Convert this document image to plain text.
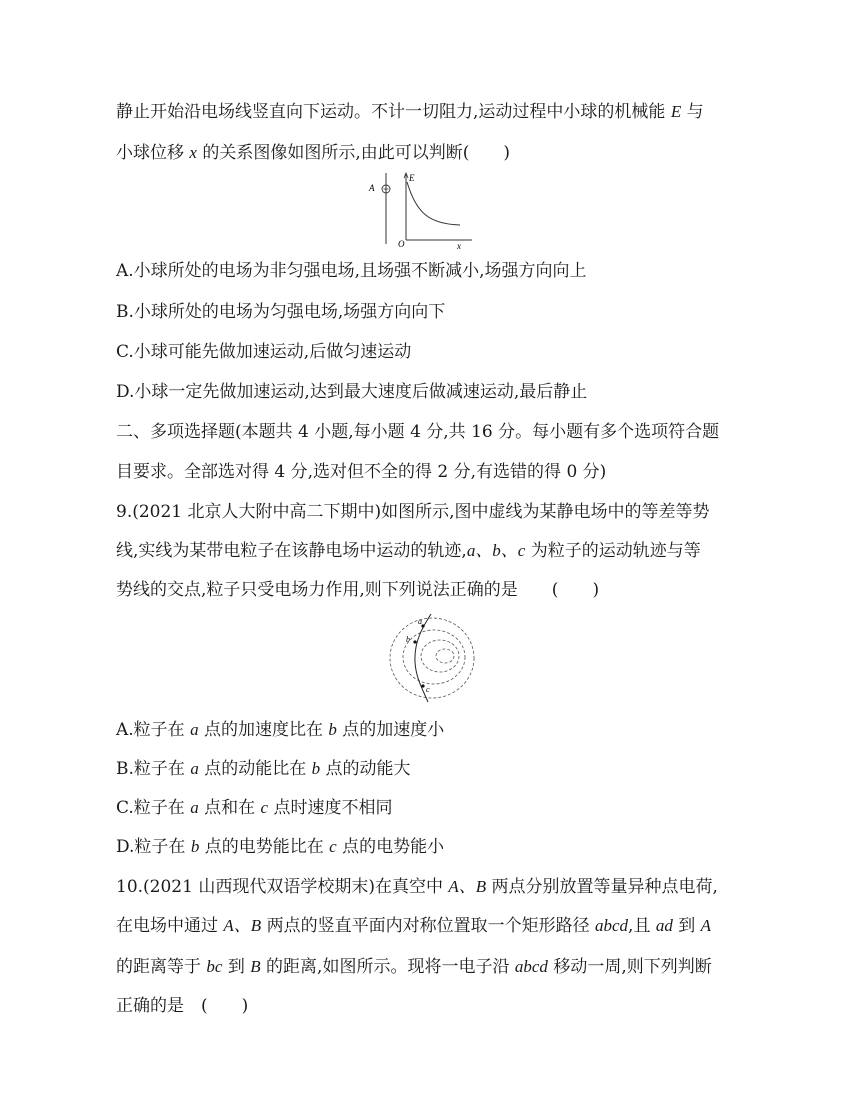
静止开始沿电场线竖直向下运动。不计一切阻力,运动过程中小球的机械能 E 与
小球位移 x 的关系图像如图所示,由此可以判断(　　)
A
E
O	x
A.小球所处的电场为非匀强电场,且场强不断减小,场强方向向上
B.小球所处的电场为匀强电场,场强方向向下
C.小球可能先做加速运动,后做匀速运动
D.小球一定先做加速运动,达到最大速度后做减速运动,最后静止
二、多项选择题(本题共 4 小题,每小题 4 分,共 16 分。每小题有多个选项符合题
目要求。全部选对得 4 分,选对但不全的得 2 分,有选错的得 0 分)
9.(2021 北京人大附中高二下期中)如图所示,图中虚线为某静电场中的等差等势
线,实线为某带电粒子在该静电场中运动的轨迹,a、b、c 为粒子的运动轨迹与等
势线的交点,粒子只受电场力作用,则下列说法正确的是　　(　　)
a
b
c
A.粒子在 a 点的加速度比在 b 点的加速度小
B.粒子在 a 点的动能比在 b 点的动能大
C.粒子在 a 点和在 c 点时速度不相同
D.粒子在 b 点的电势能比在 c 点的电势能小
10.(2021 山西现代双语学校期末)在真空中 A、B 两点分别放置等量异种点电荷,
在电场中通过 A、B 两点的竖直平面内对称位置取一个矩形路径 abcd,且 ad 到 A
的距离等于 bc 到 B 的距离,如图所示。现将一电子沿 abcd 移动一周,则下列判断
正确的是　(　　)
